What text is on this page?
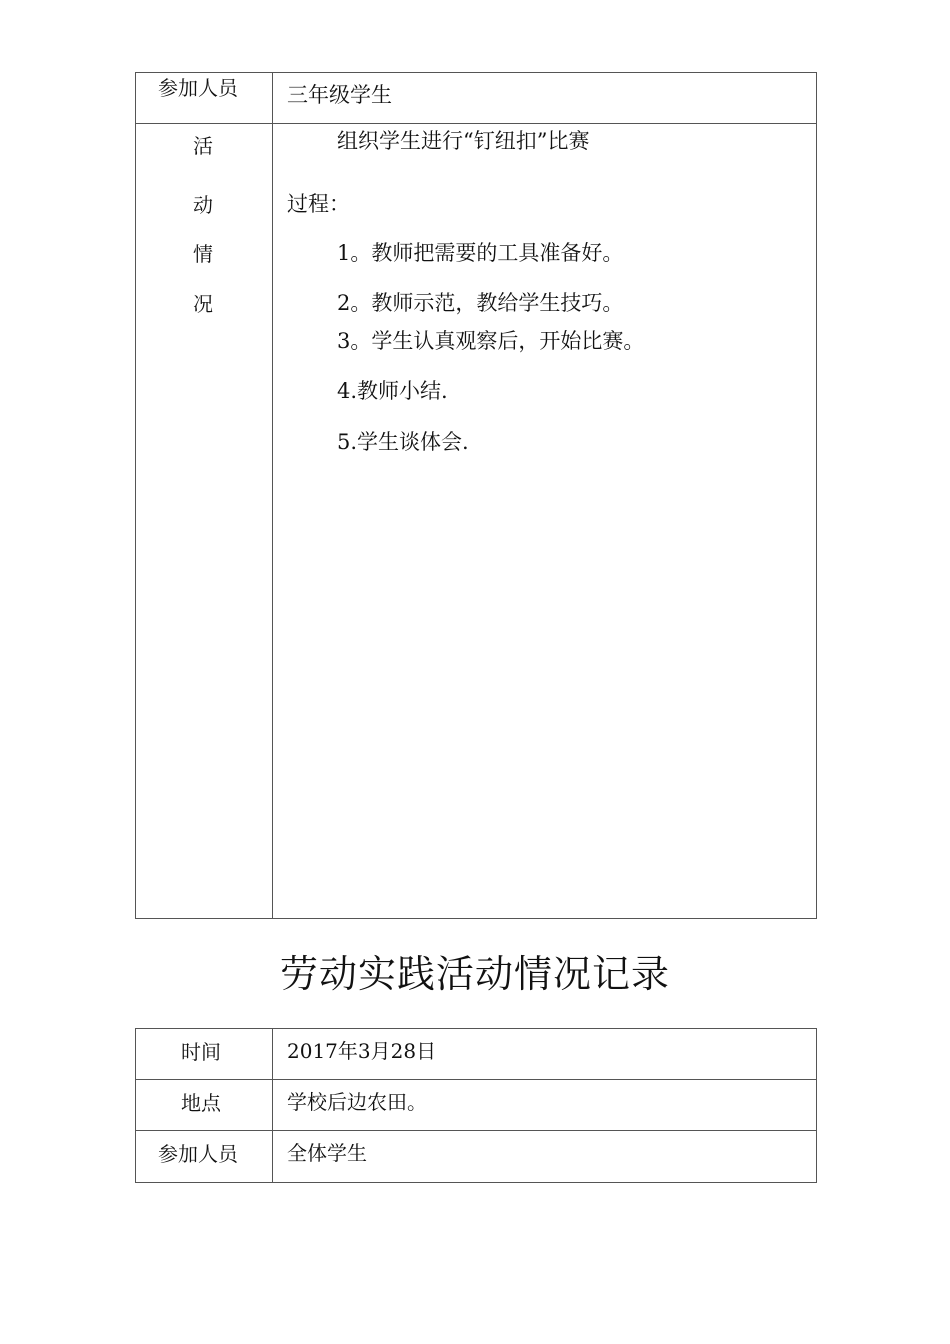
参加人员 三年级学生
活
动
情
况
组织学生进行“钉纽扣”比赛
过程：
1。教师把需要的工具准备好。
2。教师示范，教给学生技巧。
3。学生认真观察后，开始比赛。
4.教师小结.
5.学生谈体会.
劳动实践活动情况记录
时间	2017年3月28日
地点	学校后边农田。
参加人员 全体学生
